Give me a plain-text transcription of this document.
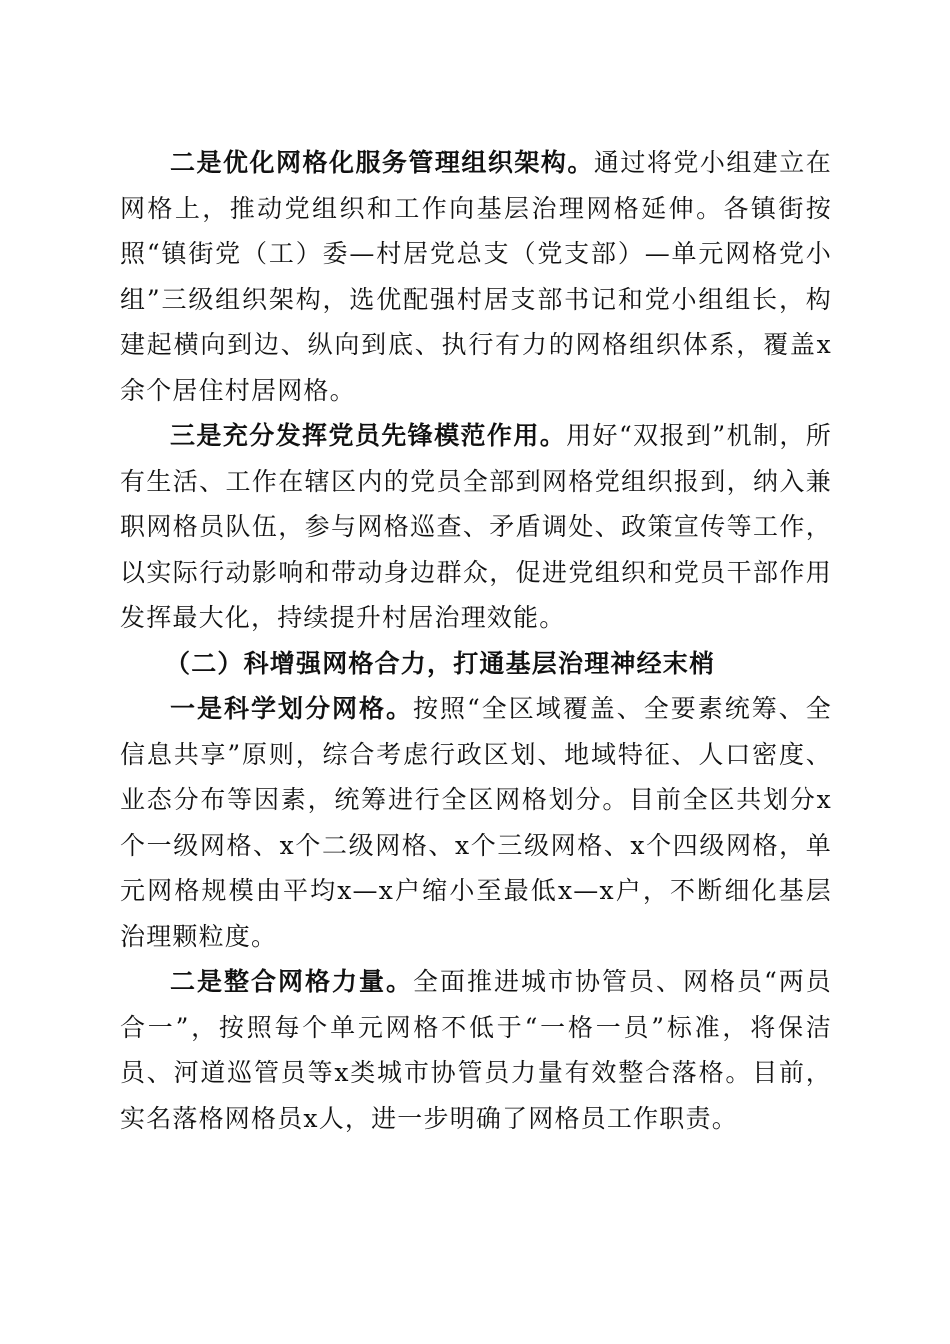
二是优化网格化服务管理组织架构。通过将党小组建立在网格上，推动党组织和工作向基层治理网格延伸。各镇街按照“镇街党（工）委—村居党总支（党支部）—单元网格党小组”三级组织架构，选优配强村居支部书记和党小组组长，构建起横向到边、纵向到底、执行有力的网格组织体系，覆盖x余个居住村居网格。

三是充分发挥党员先锋模范作用。用好“双报到”机制，所有生活、工作在辖区内的党员全部到网格党组织报到，纳入兼职网格员队伍，参与网格巡查、矛盾调处、政策宣传等工作，以实际行动影响和带动身边群众，促进党组织和党员干部作用发挥最大化，持续提升村居治理效能。

（二）科增强网格合力，打通基层治理神经末梢

一是科学划分网格。按照“全区域覆盖、全要素统筹、全信息共享”原则，综合考虑行政区划、地域特征、人口密度、业态分布等因素，统筹进行全区网格划分。目前全区共划分x个一级网格、x个二级网格、x个三级网格、x个四级网格，单元网格规模由平均x—x户缩小至最低x—x户，不断细化基层治理颗粒度。

二是整合网格力量。全面推进城市协管员、网格员“两员合一”，按照每个单元网格不低于“一格一员”标准，将保洁员、河道巡管员等x类城市协管员力量有效整合落格。目前，实名落格网格员x人，进一步明确了网格员工作职责。
